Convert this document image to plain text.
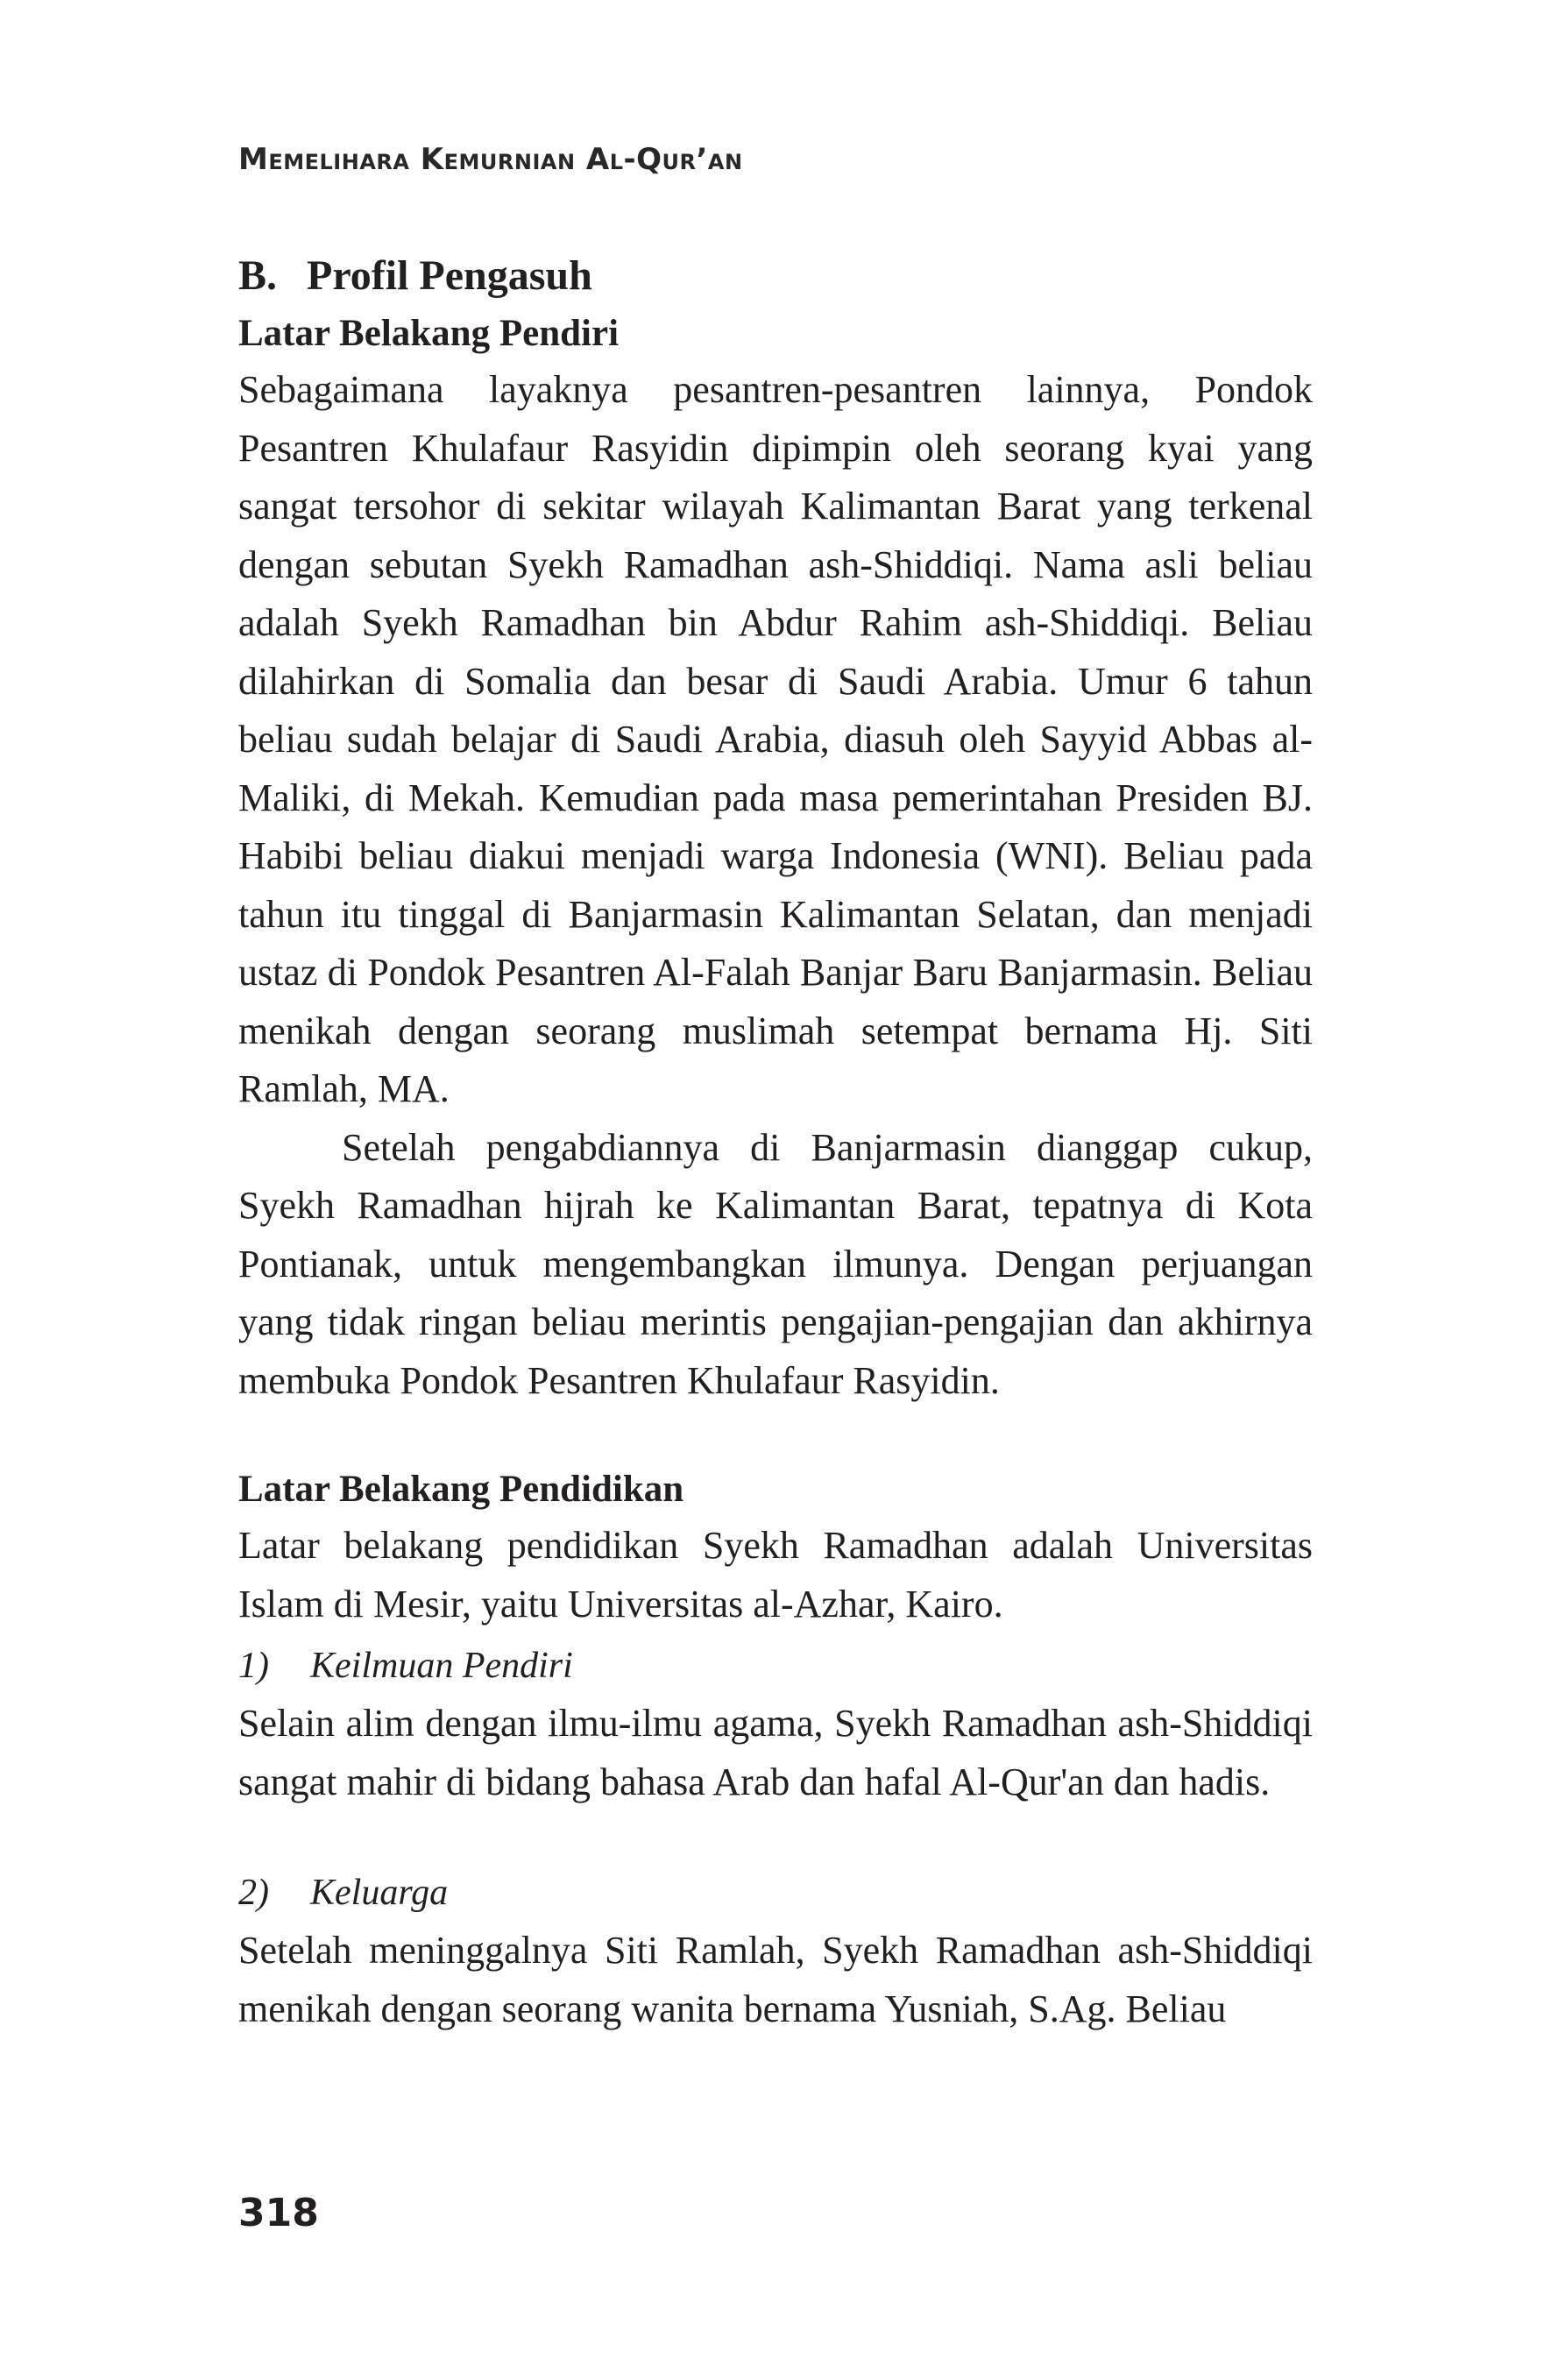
Memelihara Kemurnian Al-Qur’an
B. Profil Pengasuh
Latar Belakang Pendiri

Sebagaimana layaknya pesantren-pesantren lainnya, Pondok Pesantren Khulafaur Rasyidin dipimpin oleh seorang kyai yang sangat tersohor di sekitar wilayah Kalimantan Barat yang terkenal dengan sebutan Syekh Ramadhan ash-Shiddiqi. Nama asli beliau adalah Syekh Ramadhan bin Abdur Rahim ash-Shiddiqi. Beliau dilahirkan di Somalia dan besar di Saudi Arabia. Umur 6 tahun beliau sudah belajar di Saudi Arabia, diasuh oleh Sayyid Abbas al-Maliki, di Mekah. Kemudian pada masa pemerintahan Presiden BJ. Habibi beliau diakui menjadi warga Indonesia (WNI). Beliau pada tahun itu tinggal di Banjarmasin Kalimantan Selatan, dan menjadi ustaz di Pondok Pesantren Al-Falah Banjar Baru Banjarmasin. Beliau menikah dengan seorang muslimah setempat bernama Hj. Siti Ramlah, MA.

Setelah pengabdiannya di Banjarmasin dianggap cukup, Syekh Ramadhan hijrah ke Kalimantan Barat, tepatnya di Kota Pontianak, untuk mengembangkan ilmunya. Dengan perjuangan yang tidak ringan beliau merintis pengajian-pengajian dan akhirnya membuka Pondok Pesantren Khulafaur Rasyidin.

Latar Belakang Pendidikan

Latar belakang pendidikan Syekh Ramadhan adalah Universitas Islam di Mesir, yaitu Universitas al-Azhar, Kairo.

1) Keilmuan Pendiri

Selain alim dengan ilmu-ilmu agama, Syekh Ramadhan ash-Shiddiqi sangat mahir di bidang bahasa Arab dan hafal Al-Qur'an dan hadis.

2) Keluarga

Setelah meninggalnya Siti Ramlah, Syekh Ramadhan ash-Shiddiqi menikah dengan seorang wanita bernama Yusniah, S.Ag. Beliau

318
